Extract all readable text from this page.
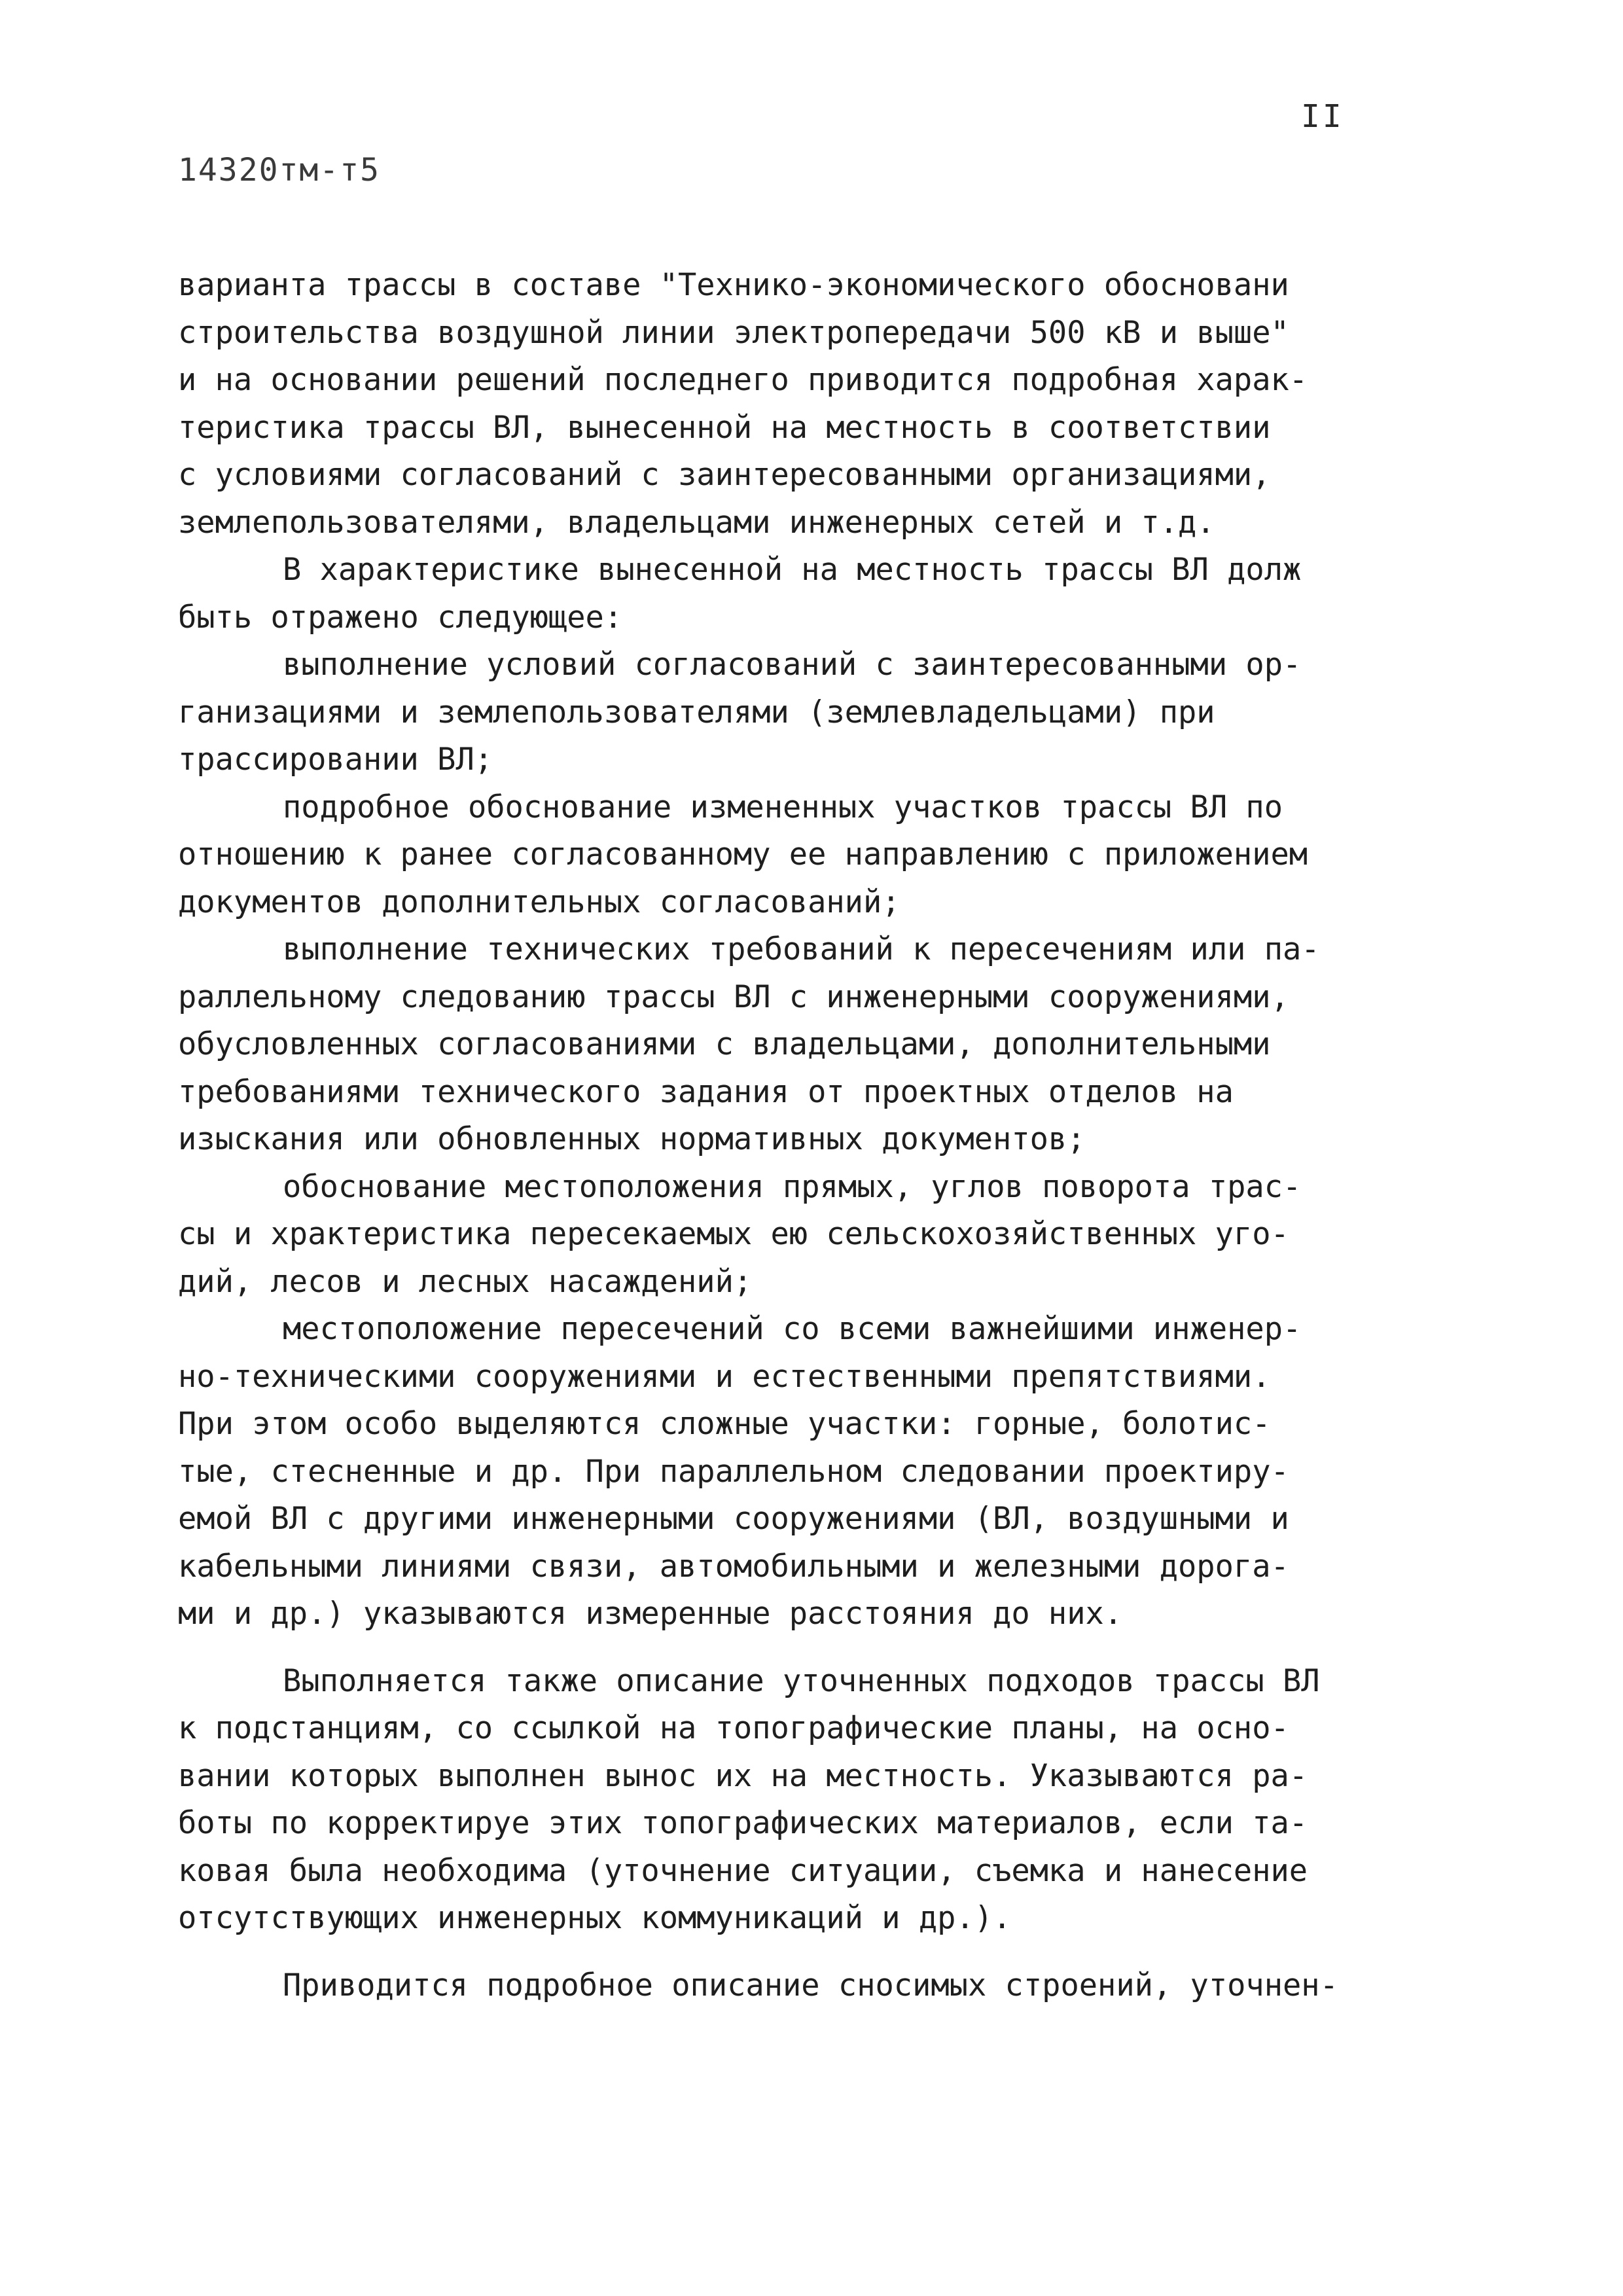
II
14320тм-т5
варианта трассы в составе "Технико-экономического обосновани
строительства воздушной линии электропередачи 500 кВ и выше"
и на основании решений последнего приводится подробная харак-
теристика трассы ВЛ, вынесенной на местность в соответствии
с условиями согласований с заинтересованными организациями,
землепользователями, владельцами инженерных сетей и т.д.
В характеристике вынесенной на местность трассы ВЛ долж
быть отражено следующее:
выполнение условий согласований с заинтересованными ор-
ганизациями и землепользователями (землевладельцами) при
трассировании ВЛ;
подробное обоснование измененных участков трассы ВЛ по
отношению к ранее согласованному ее направлению с приложением
документов дополнительных согласований;
выполнение технических требований к пересечениям или па-
раллельному следованию трассы ВЛ с инженерными сооружениями,
обусловленных согласованиями с владельцами, дополнительными
требованиями технического задания от проектных отделов на
изыскания или обновленных нормативных документов;
обоснование местоположения прямых, углов поворота трас-
сы и храктеристика пересекаемых ею сельскохозяйственных уго-
дий, лесов и лесных насаждений;
местоположение пересечений со всеми важнейшими инженер-
но-техническими сооружениями и естественными препятствиями.
При этом особо выделяются сложные участки: горные, болотис-
тые, стесненные и др. При параллельном следовании проектиру-
емой ВЛ с другими инженерными сооружениями (ВЛ, воздушными и
кабельными линиями связи, автомобильными и железными дорога-
ми и др.) указываются измеренные расстояния до них.
Выполняется также описание уточненных подходов трассы ВЛ
к подстанциям, со ссылкой на топографические планы, на осно-
вании которых выполнен вынос их на местность. Указываются ра-
боты по корректируе этих топографических материалов, если та-
ковая была необходима (уточнение ситуации, съемка и нанесение
отсутствующих инженерных коммуникаций и др.).
Приводится подробное описание сносимых строений, уточнен-
